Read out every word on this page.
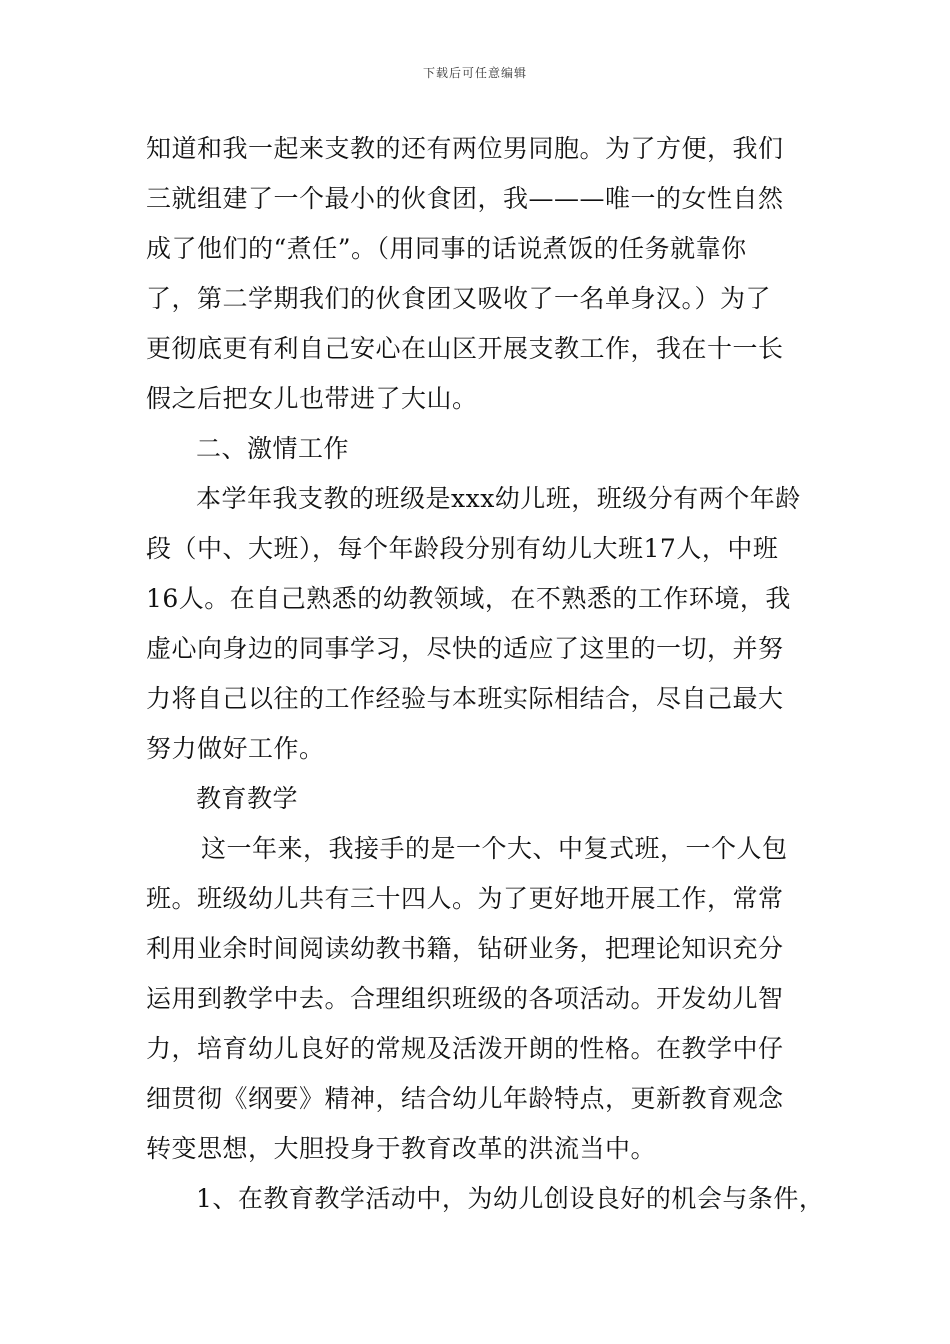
下载后可任意编辑
知道和我一起来支教的还有两位男同胞。为了方便，我们
三就组建了一个最小的伙食团，我———唯一的女性自然
成了他们的“煮任”。（用同事的话说煮饭的任务就靠你
了，第二学期我们的伙食团又吸收了一名单身汉。）为了
更彻底更有利自己安心在山区开展支教工作，我在十一长
假之后把女儿也带进了大山。
二、激情工作
本学年我支教的班级是xxx幼儿班，班级分有两个年龄
段（中、大班），每个年龄段分别有幼儿大班17人，中班
16人。在自己熟悉的幼教领域，在不熟悉的工作环境，我
虚心向身边的同事学习，尽快的适应了这里的一切，并努
力将自己以往的工作经验与本班实际相结合，尽自己最大
努力做好工作。
教育教学
这一年来，我接手的是一个大、中复式班，一个人包
班。班级幼儿共有三十四人。为了更好地开展工作，常常
利用业余时间阅读幼教书籍，钻研业务，把理论知识充分
运用到教学中去。合理组织班级的各项活动。开发幼儿智
力，培育幼儿良好的常规及活泼开朗的性格。在教学中仔
细贯彻《纲要》精神，结合幼儿年龄特点，更新教育观念
转变思想，大胆投身于教育改革的洪流当中。
1、在教育教学活动中，为幼儿创设良好的机会与条件，
